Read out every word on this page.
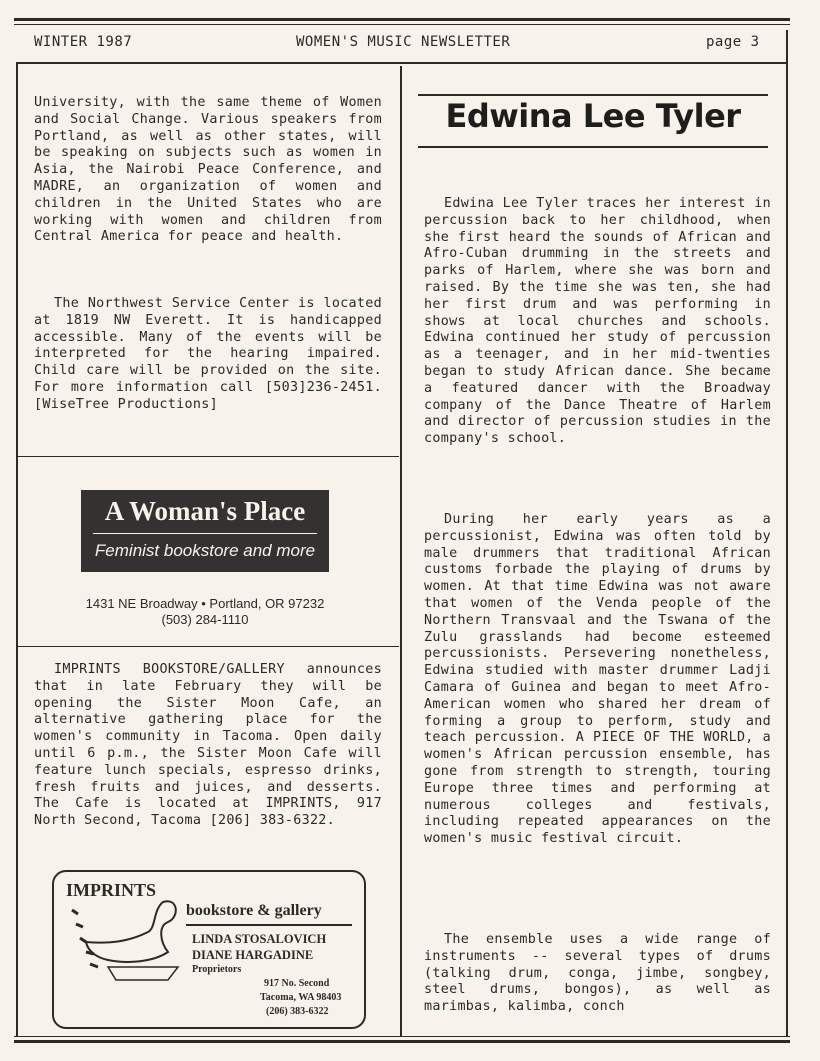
WINTER 1987	WOMEN'S MUSIC NEWSLETTER	page 3

University, with the same theme of Women and Social Change. Various speakers from Portland, as well as other states, will be speaking on subjects such as women in Asia, the Nairobi Peace Conference, and MADRE, an organization of women and children in the United States who are working with women and children from Central America for peace and health.

The Northwest Service Center is located at 1819 NW Everett. It is handicapped accessible. Many of the events will be interpreted for the hearing impaired. Child care will be provided on the site. For more information call [503]236-2451. [WiseTree Productions]

A Woman's Place
Feminist bookstore and more
1431 NE Broadway • Portland, OR 97232
(503) 284-1110

IMPRINTS BOOKSTORE/GALLERY announces that in late February they will be opening the Sister Moon Cafe, an alternative gathering place for the women's community in Tacoma. Open daily until 6 p.m., the Sister Moon Cafe will feature lunch specials, espresso drinks, fresh fruits and juices, and desserts. The Cafe is located at IMPRINTS, 917 North Second, Tacoma [206] 383-6322.

IMPRINTS
bookstore & gallery
LINDA STOSALOVICH
DIANE HARGADINE
Proprietors
917 No. Second
Tacoma, WA 98403
(206) 383-6322
Edwina Lee Tyler

Edwina Lee Tyler traces her interest in percussion back to her childhood, when she first heard the sounds of African and Afro-Cuban drumming in the streets and parks of Harlem, where she was born and raised. By the time she was ten, she had her first drum and was performing in shows at local churches and schools. Edwina continued her study of percussion as a teenager, and in her mid-twenties began to study African dance. She became a featured dancer with the Broadway company of the Dance Theatre of Harlem and director of percussion studies in the company's school.

During her early years as a percussionist, Edwina was often told by male drummers that traditional African customs forbade the playing of drums by women. At that time Edwina was not aware that women of the Venda people of the Northern Transvaal and the Tswana of the Zulu grasslands had become esteemed percussionists. Persevering nonetheless, Edwina studied with master drummer Ladji Camara of Guinea and began to meet Afro-American women who shared her dream of forming a group to perform, study and teach percussion. A PIECE OF THE WORLD, a women's African percussion ensemble, has gone from strength to strength, touring Europe three times and performing at numerous colleges and festivals, including repeated appearances on the women's music festival circuit.

The ensemble uses a wide range of instruments -- several types of drums (talking drum, conga, jimbe, songbey, steel drums, bongos), as well as marimbas, kalimba, conch
